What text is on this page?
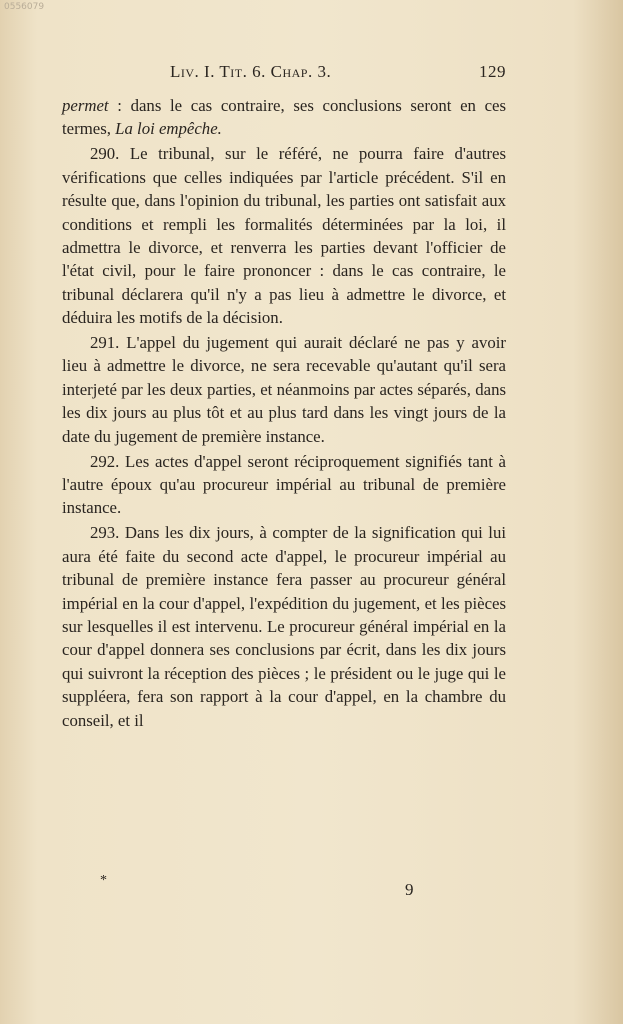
0556079
Liv. I. Tit. 6. Chap. 3.	129

permet : dans le cas contraire, ses conclusions seront en ces termes, La loi empêche.

290. Le tribunal, sur le référé, ne pourra faire d'autres vérifications que celles indiquées par l'article précédent. S'il en résulte que, dans l'opinion du tribunal, les parties ont satisfait aux conditions et rempli les formalités déterminées par la loi, il admettra le divorce, et renverra les parties devant l'officier de l'état civil, pour le faire prononcer : dans le cas contraire, le tribunal déclarera qu'il n'y a pas lieu à admettre le divorce, et déduira les motifs de la décision.

291. L'appel du jugement qui aurait déclaré ne pas y avoir lieu à admettre le divorce, ne sera recevable qu'autant qu'il sera interjeté par les deux parties, et néanmoins par actes séparés, dans les dix jours au plus tôt et au plus tard dans les vingt jours de la date du jugement de première instance.

292. Les actes d'appel seront réciproquement signifiés tant à l'autre époux qu'au procureur impérial au tribunal de première instance.

293. Dans les dix jours, à compter de la signification qui lui aura été faite du second acte d'appel, le procureur impérial au tribunal de première instance fera passer au procureur général impérial en la cour d'appel, l'expédition du jugement, et les pièces sur lesquelles il est intervenu. Le procureur général impérial en la cour d'appel donnera ses conclusions par écrit, dans les dix jours qui suivront la réception des pièces ; le président ou le juge qui le suppléera, fera son rapport à la cour d'appel, en la chambre du conseil, et il

*	9
